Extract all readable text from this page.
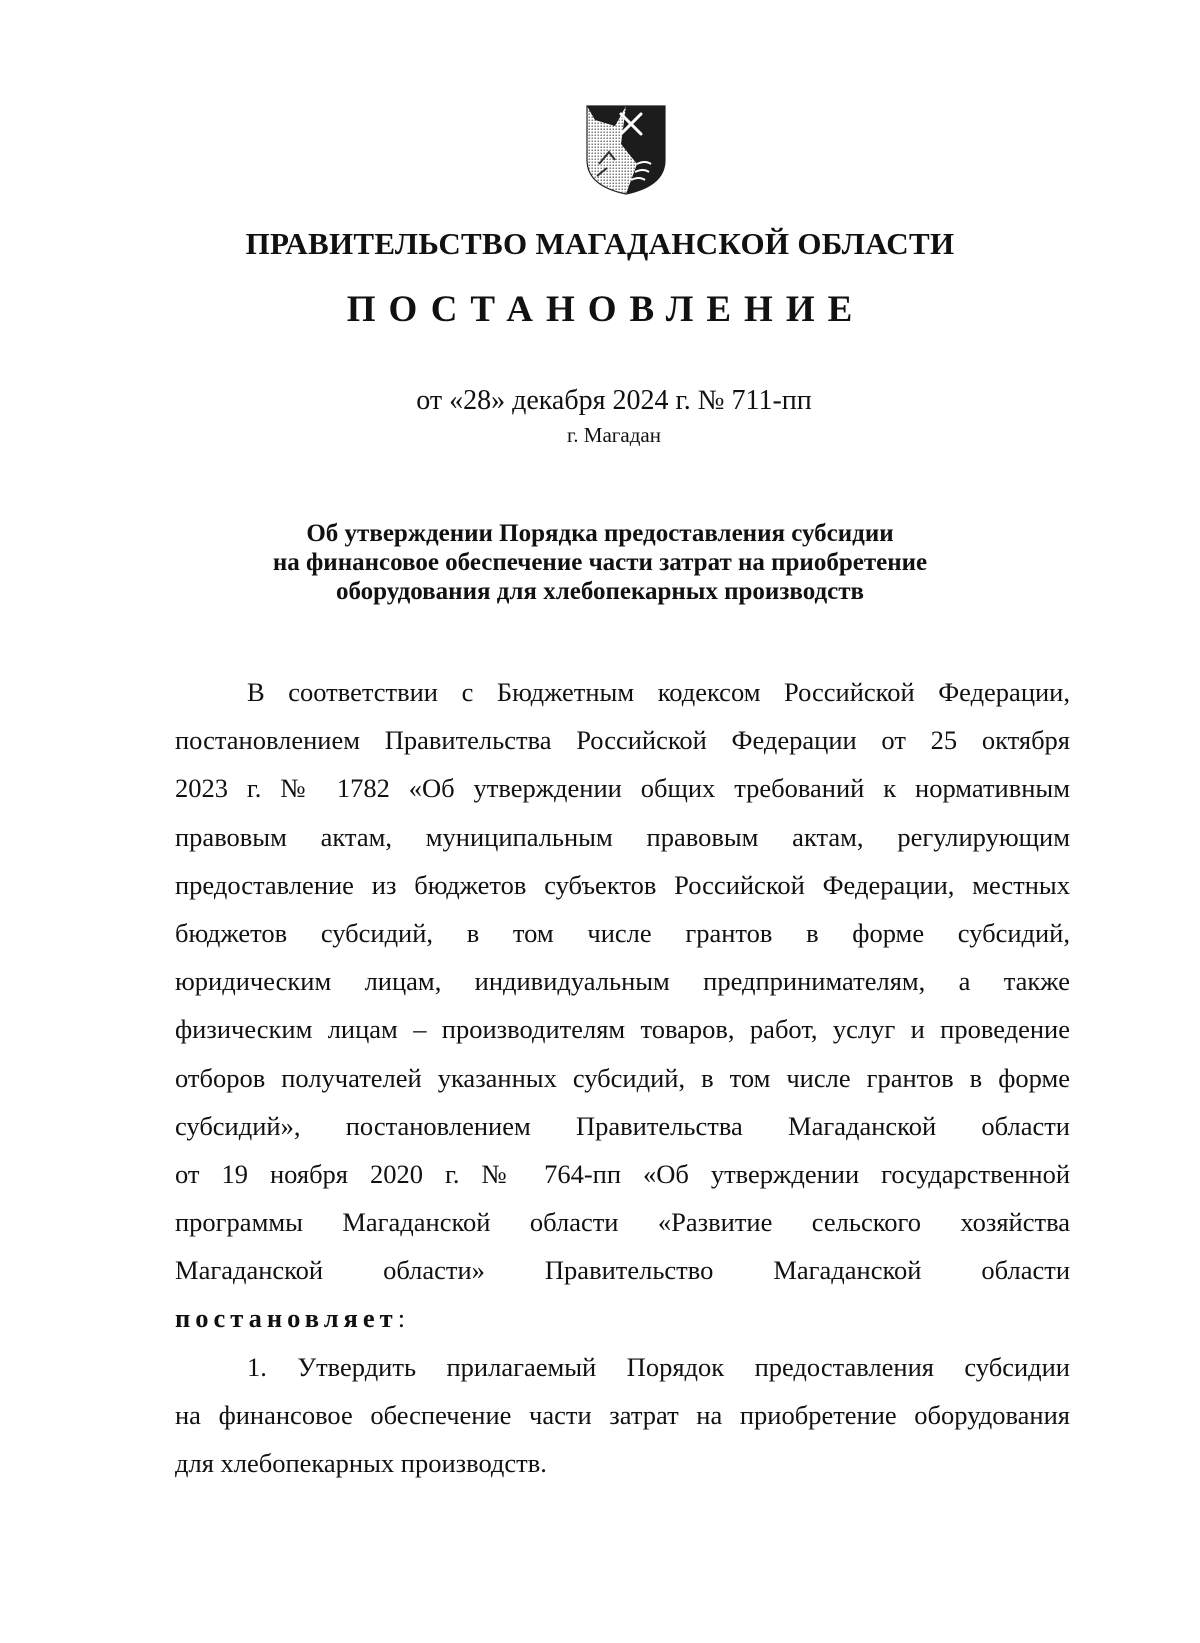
ПРАВИТЕЛЬСТВО МАГАДАНСКОЙ ОБЛАСТИ
ПОСТАНОВЛЕНИЕ
от «28» декабря 2024 г. № 711-пп
г. Магадан
Об утверждении Порядка предоставления субсидии
на финансовое обеспечение части затрат на приобретение
оборудования для хлебопекарных производств
В соответствии с Бюджетным кодексом Российской Федерации,
постановлением Правительства Российской Федерации от 25 октября
2023 г. № 1782 «Об утверждении общих требований к нормативным
правовым актам, муниципальным правовым актам, регулирующим
предоставление из бюджетов субъектов Российской Федерации, местных
бюджетов субсидий, в том числе грантов в форме субсидий,
юридическим лицам, индивидуальным предпринимателям, а также
физическим лицам – производителям товаров, работ, услуг и проведение
отборов получателей указанных субсидий, в том числе грантов в форме
субсидий», постановлением Правительства Магаданской области
от 19 ноября 2020 г. № 764-пп «Об утверждении государственной
программы Магаданской области «Развитие сельского хозяйства
Магаданской области» Правительство Магаданской области
постановляет:
1. Утвердить прилагаемый Порядок предоставления субсидии
на финансовое обеспечение части затрат на приобретение оборудования
для хлебопекарных производств.
